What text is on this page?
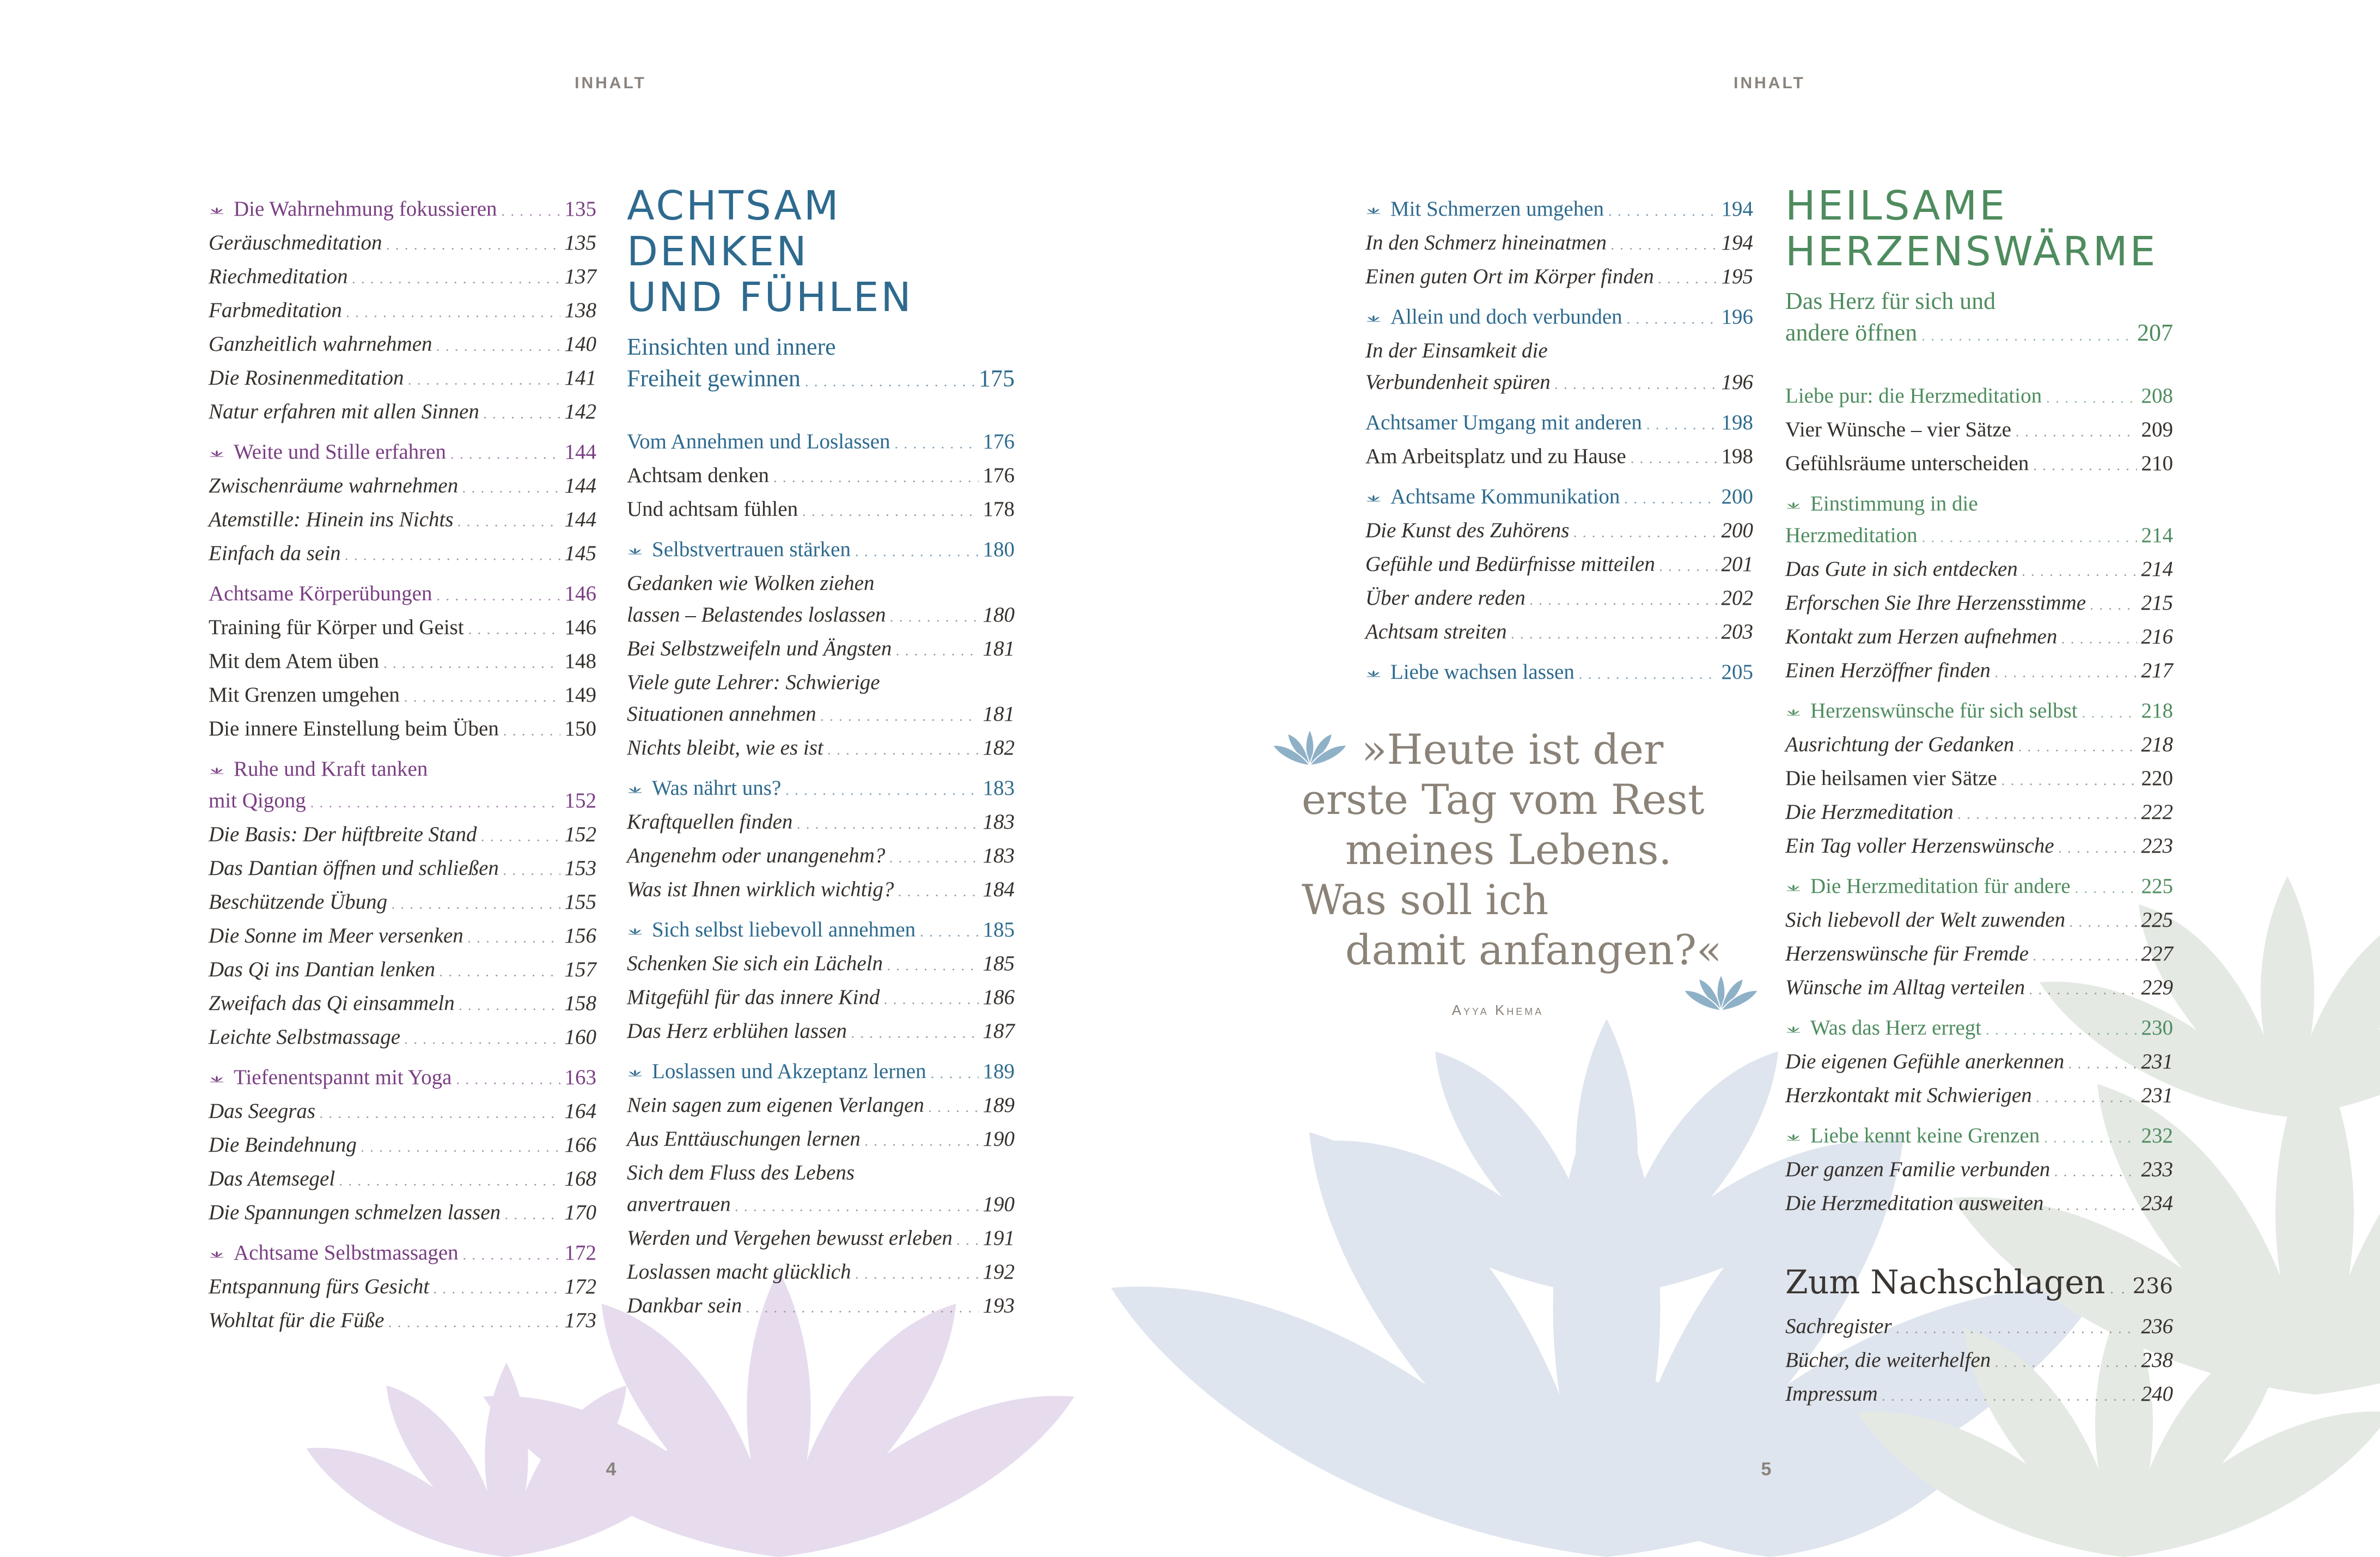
INHALT	INHALT
4	5
Die Wahrnehmung fokussieren . . .	135
Geräuschmeditation . . .	135
Riechmeditation . . .	137
Farbmeditation . . .	138
Ganzheitlich wahrnehmen . . .	140
Die Rosinenmeditation . . .	141
Natur erfahren mit allen Sinnen . . .	142
Weite und Stille erfahren . . .	144
Zwischenräume wahrnehmen . . .	144
Atemstille: Hinein ins Nichts . . .	144
Einfach da sein . . .	145
Achtsame Körperübungen . . .	146
Training für Körper und Geist . . .	146
Mit dem Atem üben . . .	148
Mit Grenzen umgehen . . .	149
Die innere Einstellung beim Üben . . .	150
Ruhe und Kraft tanken
mit Qigong . . .	152
Die Basis: Der hüftbreite Stand . . .	152
Das Dantian öffnen und schließen . . .	153
Beschützende Übung . . .	155
Die Sonne im Meer versenken . . .	156
Das Qi ins Dantian lenken . . .	157
Zweifach das Qi einsammeln . . .	158
Leichte Selbstmassage . . .	160
Tiefenentspannt mit Yoga . . .	163
Das Seegras . . .	164
Die Beindehnung . . .	166
Das Atemsegel . . .	168
Die Spannungen schmelzen lassen . . .	170
Achtsame Selbstmassagen . . .	172
Entspannung fürs Gesicht . . .	172
Wohltat für die Füße . . .	173
ACHTSAM DENKEN
UND FÜHLEN
Einsichten und innere
Freiheit gewinnen . . .	175
Vom Annehmen und Loslassen . . .	176
Achtsam denken . . .	176
Und achtsam fühlen . . .	178
Selbstvertrauen stärken . . .	180
Gedanken wie Wolken ziehen
lassen – Belastendes loslassen . . .	180
Bei Selbstzweifeln und Ängsten . . .	181
Viele gute Lehrer: Schwierige
Situationen annehmen . . .	181
Nichts bleibt, wie es ist . . .	182
Was nährt uns? . . .	183
Kraftquellen finden . . .	183
Angenehm oder unangenehm? . . .	183
Was ist Ihnen wirklich wichtig? . . .	184
Sich selbst liebevoll annehmen . . .	185
Schenken Sie sich ein Lächeln . . .	185
Mitgefühl für das innere Kind . . .	186
Das Herz erblühen lassen . . .	187
Loslassen und Akzeptanz lernen . . .	189
Nein sagen zum eigenen Verlangen . . .	189
Aus Enttäuschungen lernen . . .	190
Sich dem Fluss des Lebens
anvertrauen . . .	190
Werden und Vergehen bewusst erleben . . . 191
Loslassen macht glücklich . . .	192
Dankbar sein . . .	193
Mit Schmerzen umgehen . . .	194
In den Schmerz hineinatmen . . .	194
Einen guten Ort im Körper finden . . .	195
Allein und doch verbunden . . .	196
In der Einsamkeit die
Verbundenheit spüren . . .	196
Achtsamer Umgang mit anderen . . .	198
Am Arbeitsplatz und zu Hause . . .	198
Achtsame Kommunikation . . .	200
Die Kunst des Zuhörens . . .	200
Gefühle und Bedürfnisse mitteilen . . .	201
Über andere reden . . .	202
Achtsam streiten . . .	203
Liebe wachsen lassen . . .	205
»Heute ist der
erste Tag vom Rest
meines Lebens.
Was soll ich
damit anfangen?«
Ayya Khema
HEILSAME
HERZENSWÄRME
Das Herz für sich und
andere öffnen . . .	207
Liebe pur: die Herzmeditation . . .	208
Vier Wünsche – vier Sätze . . .	209
Gefühlsräume unterscheiden . . .	210
Einstimmung in die
Herzmeditation . . .	214
Das Gute in sich entdecken . . .	214
Erforschen Sie Ihre Herzensstimme . . .	215
Kontakt zum Herzen aufnehmen . . .	216
Einen Herzöffner finden . . .	217
Herzenswünsche für sich selbst . . .	218
Ausrichtung der Gedanken . . .	218
Die heilsamen vier Sätze . . .	220
Die Herzmeditation . . .	222
Ein Tag voller Herzenswünsche . . .	223
Die Herzmeditation für andere . . .	225
Sich liebevoll der Welt zuwenden . . .	225
Herzenswünsche für Fremde . . .	227
Wünsche im Alltag verteilen . . .	229
Was das Herz erregt . . .	230
Die eigenen Gefühle anerkennen . . .	231
Herzkontakt mit Schwierigen . . .	231
Liebe kennt keine Grenzen . . .	232
Der ganzen Familie verbunden . . .	233
Die Herzmeditation ausweiten . . .	234
Zum Nachschlagen . . . 236
Sachregister . . .	236
Bücher, die weiterhelfen . . .	238
Impressum . . .	240
